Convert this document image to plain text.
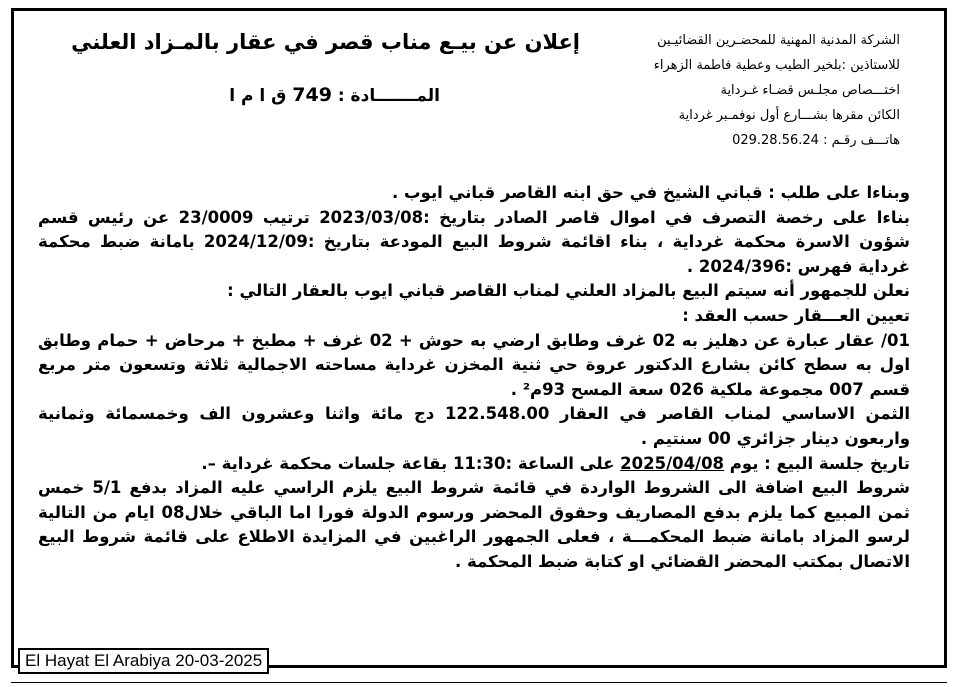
الشركة المدنية المهنية للمحضـرين القضائيـين
للاستاذين :بلخير الطيب وعطية فاطمة الزهراء
اختـــصاص مجلـس قضـاء غـرداية
الكائن مقرها بشـــارع أول نوفمـبر غرداية
هاتـــف رقـم : 029.28.56.24
إعلان عن بيـع مناب قصر في عقار بالمـزاد العلني
المـــــــادة : 749 ق ا م ا

وبناءا على طلب : قباني الشيخ في حق ابنه القاصر قباني ايوب .

بناءا على رخصة التصرف في اموال قاصر الصادر بتاريخ :2023/03/08 ترتيب 23/0009 عن رئيس قسم شؤون الاسرة محكمة غرداية ، بناء اقائمة شروط البيع المودعة بتاريخ :2024/12/09 بامانة ضبط محكمة غرداية فهرس :2024/396 .

نعلن للجمهور أنه سيتم البيع بالمزاد العلني لمناب القاصر قباني ايوب بالعقار التالي :

تعيين العـــقار حسب العقد :

01/ عقار عبارة عن دهليز به 02 غرف وطابق ارضي به حوش + 02 غرف + مطبخ + مرحاض + حمام وطابق اول به سطح كائن بشارع الدكتور عروة حي ثنية المخزن غرداية مساحته الاجمالية ثلاثة وتسعون متر مربع قسم 007 مجموعة ملكية 026 سعة المسح 93م² .

الثمن الاساسي لمناب القاصر في العقار 122.548.00 دج مائة واثنا وعشرون الف وخمسمائة وثمانية واربعون دينار جزائري 00 سنتيم .

تاريخ جلسة البيع : يوم 2025/04/08 على الساعة :11:30 بقاعة جلسات محكمة غرداية –.

شروط البيع اضافة الى الشروط الواردة في قائمة شروط البيع يلزم الراسي عليه المزاد بدفع 5/1 خمس ثمن المبيع كما يلزم بدفع المصاريف وحقوق المحضر ورسوم الدولة فورا اما الباقي خلال08 ايام من التالية لرسو المزاد بامانة ضبط المحكمـــة ، فعلى الجمهور الراغبين في المزايدة الاطلاع على قائمة شروط البيع الاتصال بمكتب المحضر القضائي او كتابة ضبط المحكمة .

El Hayat El Arabiya 20-03-2025
